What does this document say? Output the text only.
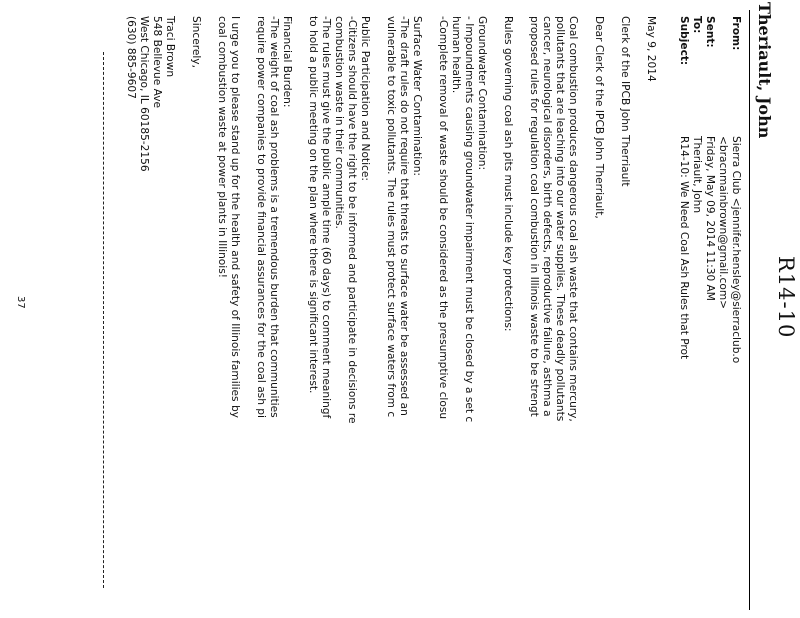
R14-10
Theriault, John
From:
Sierra Club <jennifer.hensley@sierraclub.o
<bracnmainbrown@gmail.com>
Sent:
Friday, May 09, 2014 11:30 AM
To:
Theriault, John
Subject:
R14-10: We Need Coal Ash Rules that Prot
May 9, 2014
Clerk of the IPCB John Therriault
Dear Clerk of the IPCB John Therriault,
Coal combustion produces dangerous coal ash waste that contains mercury,
pollutants that are leaching into our water supplies. These deadly pollutants
cancer, neurological disorders, birth defects, reproductive failure, asthma a
proposed rules for regulation coal combustion in Illinois waste to be strengt
Rules governing coal ash pits must include key protections:
Groundwater Contamination:
- Impoundments causing groundwater impairment must be closed by a set c
human health.
-Complete removal of waste should be considered as the presumptive closu
Surface Water Contamination:
-The draft rules do not require that threats to surface water be assessed an
vulnerable to toxic pollutants. The rules must protect surface waters from c
Public Participation and Notice:
-Citizens should have the right to be informed and participate in decisions re
combustion waste in their communities.
-The rules must give the public ample time (60 days) to comment meaningf
to hold a public meeting on the plan where there is significant interest.
Financial Burden:
-The weight of coal ash problems is a tremendous burden that communities
require power companies to provide financial assurances for the coal ash pi
I urge you to please stand up for the health and safety of Illinois families by
coal combustion waste at power plants in Illinois!
Sincerely,
Traci Brown
548 Bellevue Ave
West Chicago, IL 60185-2156
(630) 885-9607
37
